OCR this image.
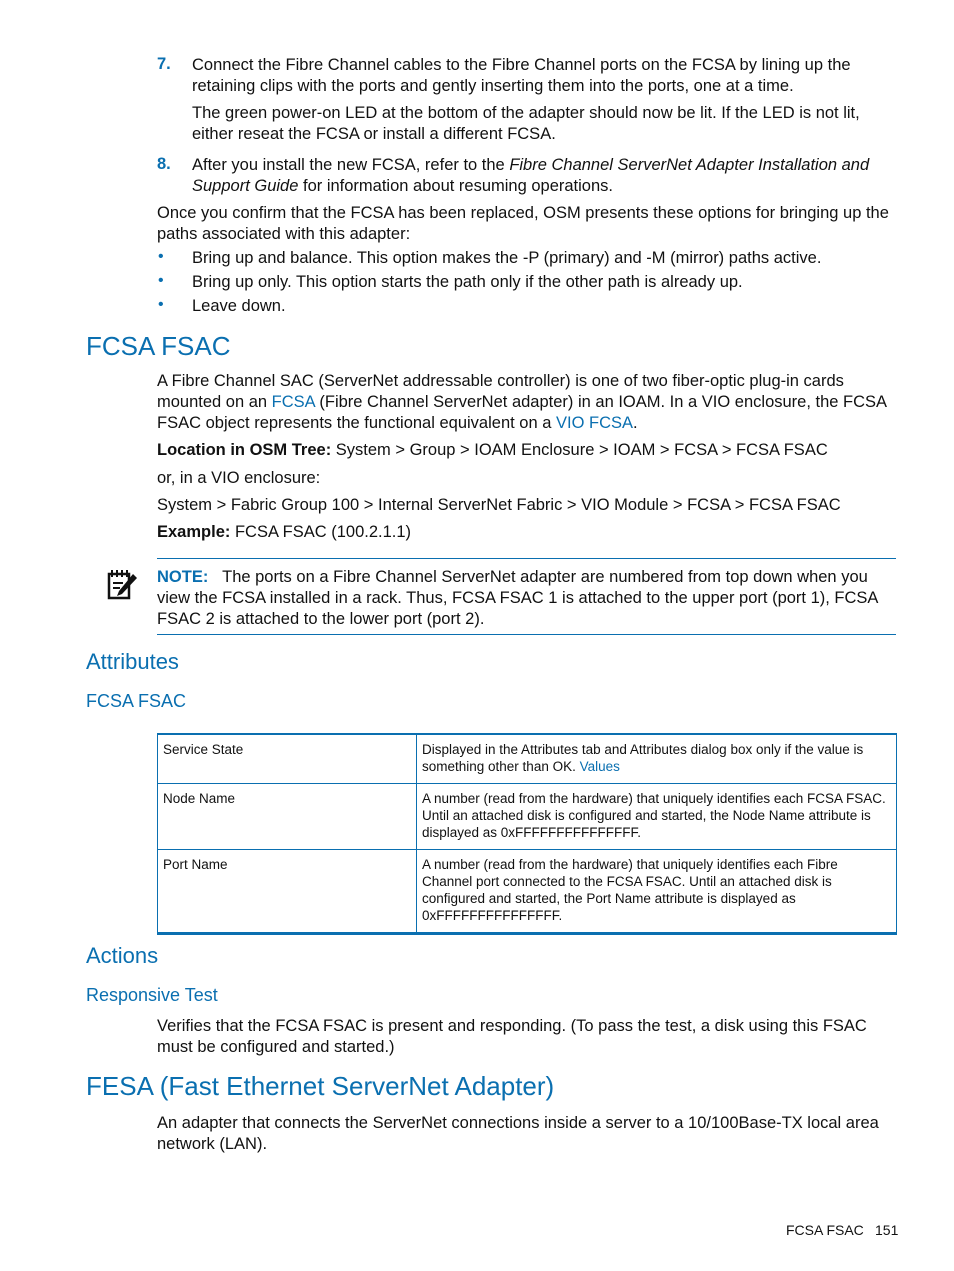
7. Connect the Fibre Channel cables to the Fibre Channel ports on the FCSA by lining up the retaining clips with the ports and gently inserting them into the ports, one at a time.
The green power-on LED at the bottom of the adapter should now be lit. If the LED is not lit, either reseat the FCSA or install a different FCSA.
8. After you install the new FCSA, refer to the Fibre Channel ServerNet Adapter Installation and Support Guide for information about resuming operations.
Once you confirm that the FCSA has been replaced, OSM presents these options for bringing up the paths associated with this adapter:
• Bring up and balance. This option makes the -P (primary) and -M (mirror) paths active.
• Bring up only. This option starts the path only if the other path is already up.
• Leave down.
FCSA FSAC
A Fibre Channel SAC (ServerNet addressable controller) is one of two fiber-optic plug-in cards mounted on an FCSA (Fibre Channel ServerNet adapter) in an IOAM. In a VIO enclosure, the FCSA FSAC object represents the functional equivalent on a VIO FCSA.
Location in OSM Tree: System > Group > IOAM Enclosure > IOAM > FCSA > FCSA FSAC
or, in a VIO enclosure:
System > Fabric Group 100 > Internal ServerNet Fabric > VIO Module > FCSA > FCSA FSAC
Example: FCSA FSAC (100.2.1.1)
NOTE: The ports on a Fibre Channel ServerNet adapter are numbered from top down when you view the FCSA installed in a rack. Thus, FCSA FSAC 1 is attached to the upper port (port 1), FCSA FSAC 2 is attached to the lower port (port 2).
Attributes
FCSA FSAC
Service State	Displayed in the Attributes tab and Attributes dialog box only if the value is something other than OK. Values
Node Name	A number (read from the hardware) that uniquely identifies each FCSA FSAC. Until an attached disk is configured and started, the Node Name attribute is displayed as 0xFFFFFFFFFFFFFFF.
Port Name	A number (read from the hardware) that uniquely identifies each Fibre Channel port connected to the FCSA FSAC. Until an attached disk is configured and started, the Port Name attribute is displayed as 0xFFFFFFFFFFFFFFF.
Actions
Responsive Test
Verifies that the FCSA FSAC is present and responding. (To pass the test, a disk using this FSAC must be configured and started.)
FESA (Fast Ethernet ServerNet Adapter)
An adapter that connects the ServerNet connections inside a server to a 10/100Base-TX local area network (LAN).
FCSA FSAC 151
